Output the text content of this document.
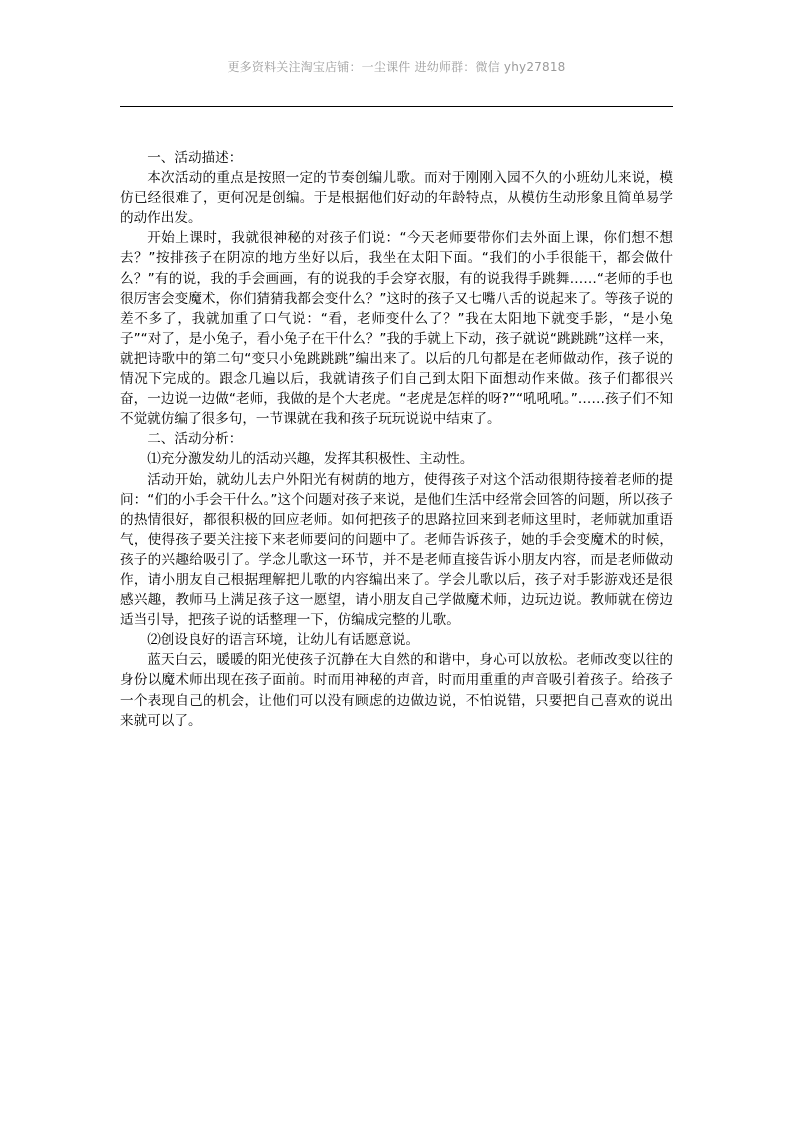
更多资料关注淘宝店铺：一尘课件 进幼师群：微信 yhy27818

一、活动描述：

本次活动的重点是按照一定的节奏创编儿歌。而对于刚刚入园不久的小班幼儿来说，模仿已经很难了，更何况是创编。于是根据他们好动的年龄特点，从模仿生动形象且简单易学的动作出发。

开始上课时，我就很神秘的对孩子们说：“今天老师要带你们去外面上课，你们想不想去？”按排孩子在阴凉的地方坐好以后，我坐在太阳下面。“我们的小手很能干，都会做什么？”有的说，我的手会画画，有的说我的手会穿衣服，有的说我得手跳舞……“老师的手也很厉害会变魔术，你们猜猜我都会变什么？”这时的孩子又七嘴八舌的说起来了。等孩子说的差不多了，我就加重了口气说：“看，老师变什么了？”我在太阳地下就变手影，“是小兔子”“对了，是小兔子，看小兔子在干什么？”我的手就上下动，孩子就说“跳跳跳”这样一来，就把诗歌中的第二句“变只小兔跳跳跳”编出来了。以后的几句都是在老师做动作，孩子说的情况下完成的。跟念几遍以后，我就请孩子们自己到太阳下面想动作来做。孩子们都很兴奋，一边说一边做“老师，我做的是个大老虎。“老虎是怎样的呀?”“吼吼吼。”……孩子们不知不觉就仿编了很多句，一节课就在我和孩子玩玩说说中结束了。

二、活动分析：

⑴充分激发幼儿的活动兴趣，发挥其积极性、主动性。

活动开始，就幼儿去户外阳光有树荫的地方，使得孩子对这个活动很期待接着老师的提问：“们的小手会干什么。”这个问题对孩子来说，是他们生活中经常会回答的问题，所以孩子的热情很好，都很积极的回应老师。如何把孩子的思路拉回来到老师这里时，老师就加重语气，使得孩子要关注接下来老师要问的问题中了。老师告诉孩子，她的手会变魔术的时候，孩子的兴趣给吸引了。学念儿歌这一环节，并不是老师直接告诉小朋友内容，而是老师做动作，请小朋友自己根据理解把儿歌的内容编出来了。学会儿歌以后，孩子对手影游戏还是很感兴趣，教师马上满足孩子这一愿望，请小朋友自己学做魔术师，边玩边说。教师就在傍边适当引导，把孩子说的话整理一下，仿编成完整的儿歌。

⑵创设良好的语言环境，让幼儿有话愿意说。

蓝天白云，暖暖的阳光使孩子沉静在大自然的和谐中，身心可以放松。老师改变以往的身份以魔术师出现在孩子面前。时而用神秘的声音，时而用重重的声音吸引着孩子。给孩子一个表现自己的机会，让他们可以没有顾虑的边做边说，不怕说错，只要把自己喜欢的说出来就可以了。
